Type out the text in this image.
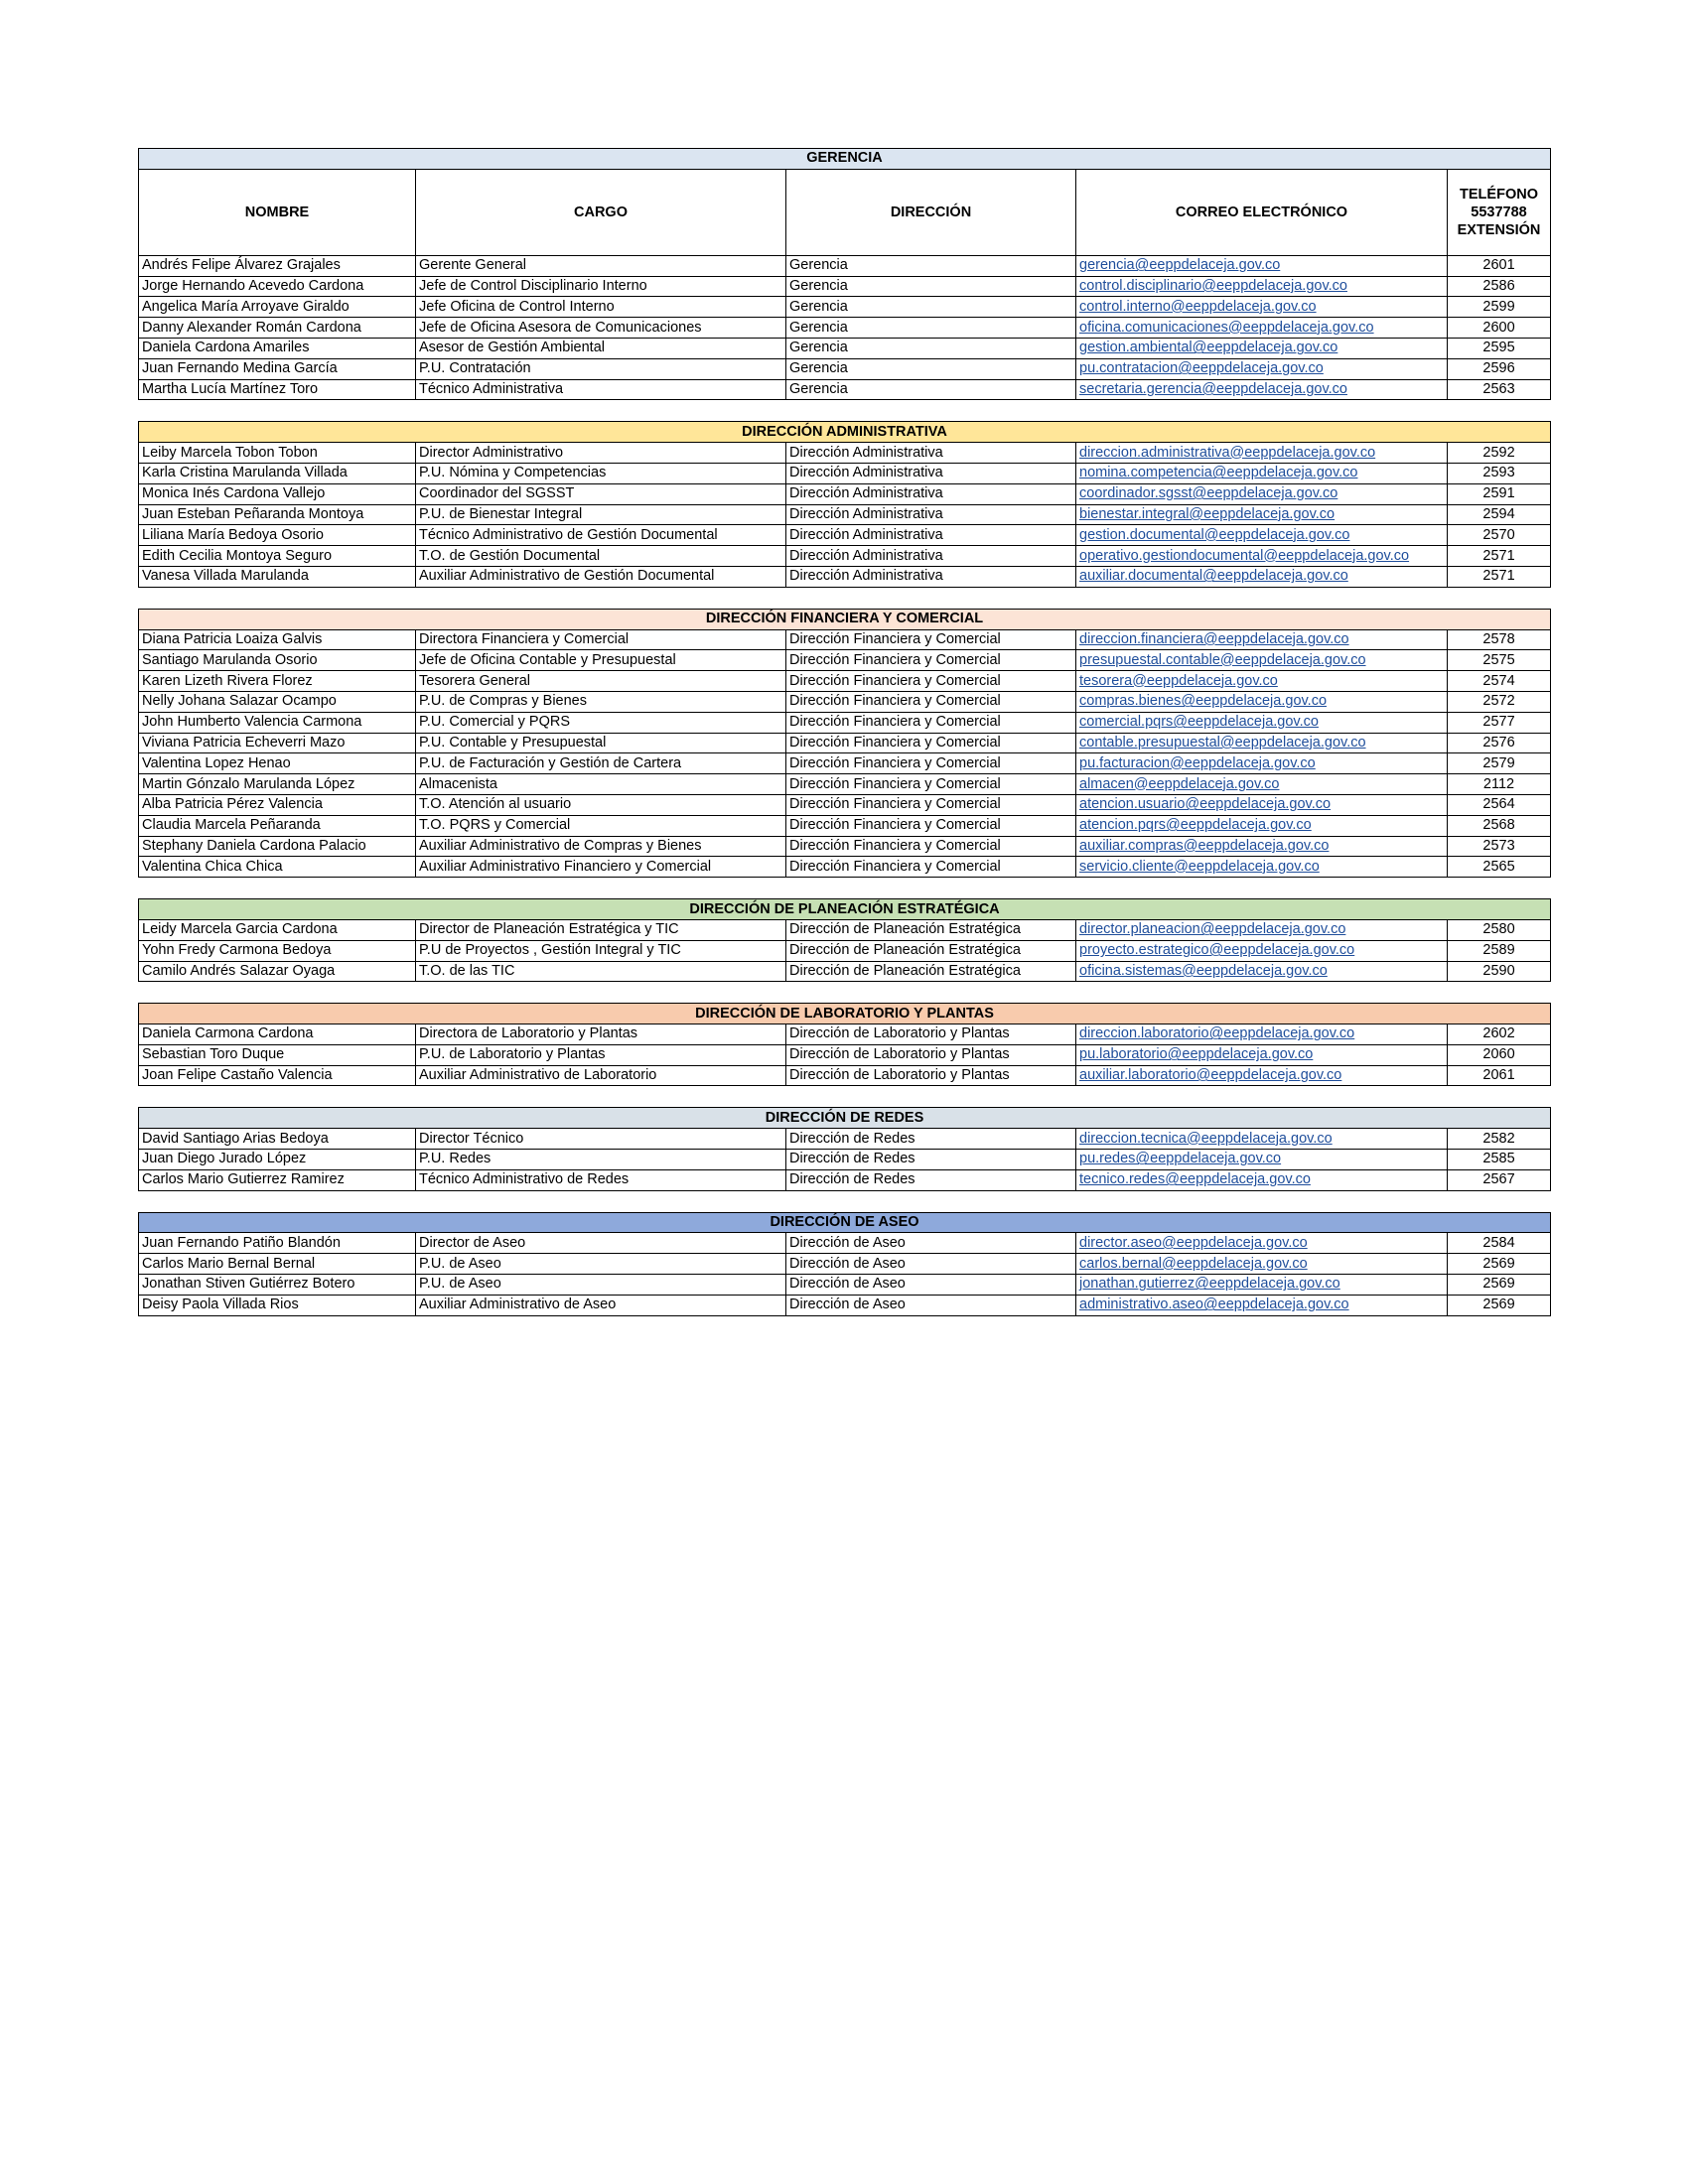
GERENCIA				
NOMBRE	CARGO	DIRECCIÓN	CORREO ELECTRÓNICO	TELÉFONO 5537788 EXTENSIÓN
Andrés Felipe Álvarez Grajales	Gerente General	Gerencia	gerencia@eeppdelaceja.gov.co	2601
Jorge Hernando Acevedo Cardona	Jefe de Control Disciplinario Interno	Gerencia	control.disciplinario@eeppdelaceja.gov.co	2586
Angelica María Arroyave Giraldo	Jefe Oficina de Control Interno	Gerencia	control.interno@eeppdelaceja.gov.co	2599
Danny Alexander Román Cardona	Jefe de Oficina Asesora de Comunicaciones	Gerencia	oficina.comunicaciones@eeppdelaceja.gov.co	2600
Daniela Cardona Amariles	Asesor de Gestión Ambiental	Gerencia	gestion.ambiental@eeppdelaceja.gov.co	2595
Juan Fernando Medina García	P.U. Contratación	Gerencia	pu.contratacion@eeppdelaceja.gov.co	2596
Martha Lucía Martínez Toro	Técnico Administrativa	Gerencia	secretaria.gerencia@eeppdelaceja.gov.co	2563
DIRECCIÓN ADMINISTRATIVA				
Leiby Marcela Tobon Tobon	Director Administrativo	Dirección Administrativa	direccion.administrativa@eeppdelaceja.gov.co	2592
Karla Cristina Marulanda Villada	P.U. Nómina y Competencias	Dirección Administrativa	nomina.competencia@eeppdelaceja.gov.co	2593
Monica Inés Cardona Vallejo	Coordinador del SGSST	Dirección Administrativa	coordinador.sgsst@eeppdelaceja.gov.co	2591
Juan Esteban Peñaranda Montoya	P.U. de Bienestar Integral	Dirección Administrativa	bienestar.integral@eeppdelaceja.gov.co	2594
Liliana María Bedoya Osorio	Técnico Administrativo de Gestión Documental	Dirección Administrativa	gestion.documental@eeppdelaceja.gov.co	2570
Edith Cecilia Montoya Seguro	T.O. de Gestión Documental	Dirección Administrativa	operativo.gestiondocumental@eeppdelaceja.gov.co	2571
Vanesa Villada Marulanda	Auxiliar Administrativo de Gestión Documental	Dirección Administrativa	auxiliar.documental@eeppdelaceja.gov.co	2571
DIRECCIÓN FINANCIERA Y COMERCIAL				
Diana Patricia Loaiza Galvis	Directora Financiera y Comercial	Dirección Financiera y Comercial	direccion.financiera@eeppdelaceja.gov.co	2578
Santiago Marulanda Osorio	Jefe de Oficina Contable y Presupuestal	Dirección Financiera y Comercial	presupuestal.contable@eeppdelaceja.gov.co	2575
Karen Lizeth Rivera Florez	Tesorera General	Dirección Financiera y Comercial	tesorera@eeppdelaceja.gov.co	2574
Nelly Johana Salazar Ocampo	P.U. de Compras y Bienes	Dirección Financiera y Comercial	compras.bienes@eeppdelaceja.gov.co	2572
John Humberto Valencia Carmona	P.U. Comercial y PQRS	Dirección Financiera y Comercial	comercial.pqrs@eeppdelaceja.gov.co	2577
Viviana Patricia Echeverri Mazo	P.U. Contable y Presupuestal	Dirección Financiera y Comercial	contable.presupuestal@eeppdelaceja.gov.co	2576
Valentina Lopez Henao	P.U. de Facturación y Gestión de Cartera	Dirección Financiera y Comercial	pu.facturacion@eeppdelaceja.gov.co	2579
Martin Gónzalo Marulanda López	Almacenista	Dirección Financiera y Comercial	almacen@eeppdelaceja.gov.co	2112
Alba Patricia Pérez Valencia	T.O. Atención al usuario	Dirección Financiera y Comercial	atencion.usuario@eeppdelaceja.gov.co	2564
Claudia Marcela Peñaranda	T.O. PQRS y Comercial	Dirección Financiera y Comercial	atencion.pqrs@eeppdelaceja.gov.co	2568
Stephany Daniela Cardona Palacio	Auxiliar Administrativo de Compras y Bienes	Dirección Financiera y Comercial	auxiliar.compras@eeppdelaceja.gov.co	2573
Valentina Chica Chica	Auxiliar Administrativo Financiero y Comercial	Dirección Financiera y Comercial	servicio.cliente@eeppdelaceja.gov.co	2565
DIRECCIÓN DE PLANEACIÓN ESTRATÉGICA				
Leidy Marcela Garcia Cardona	Director de Planeación Estratégica y TIC	Dirección de Planeación Estratégica	director.planeacion@eeppdelaceja.gov.co	2580
Yohn Fredy Carmona Bedoya	P.U de Proyectos , Gestión Integral y TIC	Dirección de Planeación Estratégica	proyecto.estrategico@eeppdelaceja.gov.co	2589
Camilo Andrés Salazar Oyaga	T.O. de las TIC	Dirección de Planeación Estratégica	oficina.sistemas@eeppdelaceja.gov.co	2590
DIRECCIÓN DE LABORATORIO Y PLANTAS				
Daniela Carmona Cardona	Directora de Laboratorio y Plantas	Dirección de Laboratorio y Plantas	direccion.laboratorio@eeppdelaceja.gov.co	2602
Sebastian Toro Duque	P.U. de Laboratorio y Plantas	Dirección de Laboratorio y Plantas	pu.laboratorio@eeppdelaceja.gov.co	2060
Joan Felipe Castaño Valencia	Auxiliar Administrativo de Laboratorio	Dirección de Laboratorio y Plantas	auxiliar.laboratorio@eeppdelaceja.gov.co	2061
DIRECCIÓN DE REDES				
David Santiago Arias Bedoya	Director Técnico	Dirección de Redes	direccion.tecnica@eeppdelaceja.gov.co	2582
Juan Diego Jurado López	P.U. Redes	Dirección de Redes	pu.redes@eeppdelaceja.gov.co	2585
Carlos Mario Gutierrez Ramirez	Técnico Administrativo de Redes	Dirección de Redes	tecnico.redes@eeppdelaceja.gov.co	2567
DIRECCIÓN DE ASEO				
Juan Fernando Patiño Blandón	Director de Aseo	Dirección de Aseo	director.aseo@eeppdelaceja.gov.co	2584
Carlos Mario Bernal Bernal	P.U. de Aseo	Dirección de Aseo	carlos.bernal@eeppdelaceja.gov.co	2569
Jonathan Stiven Gutiérrez Botero	P.U. de Aseo	Dirección de Aseo	jonathan.gutierrez@eeppdelaceja.gov.co	2569
Deisy Paola Villada Rios	Auxiliar Administrativo de Aseo	Dirección de Aseo	administrativo.aseo@eeppdelaceja.gov.co	2569
